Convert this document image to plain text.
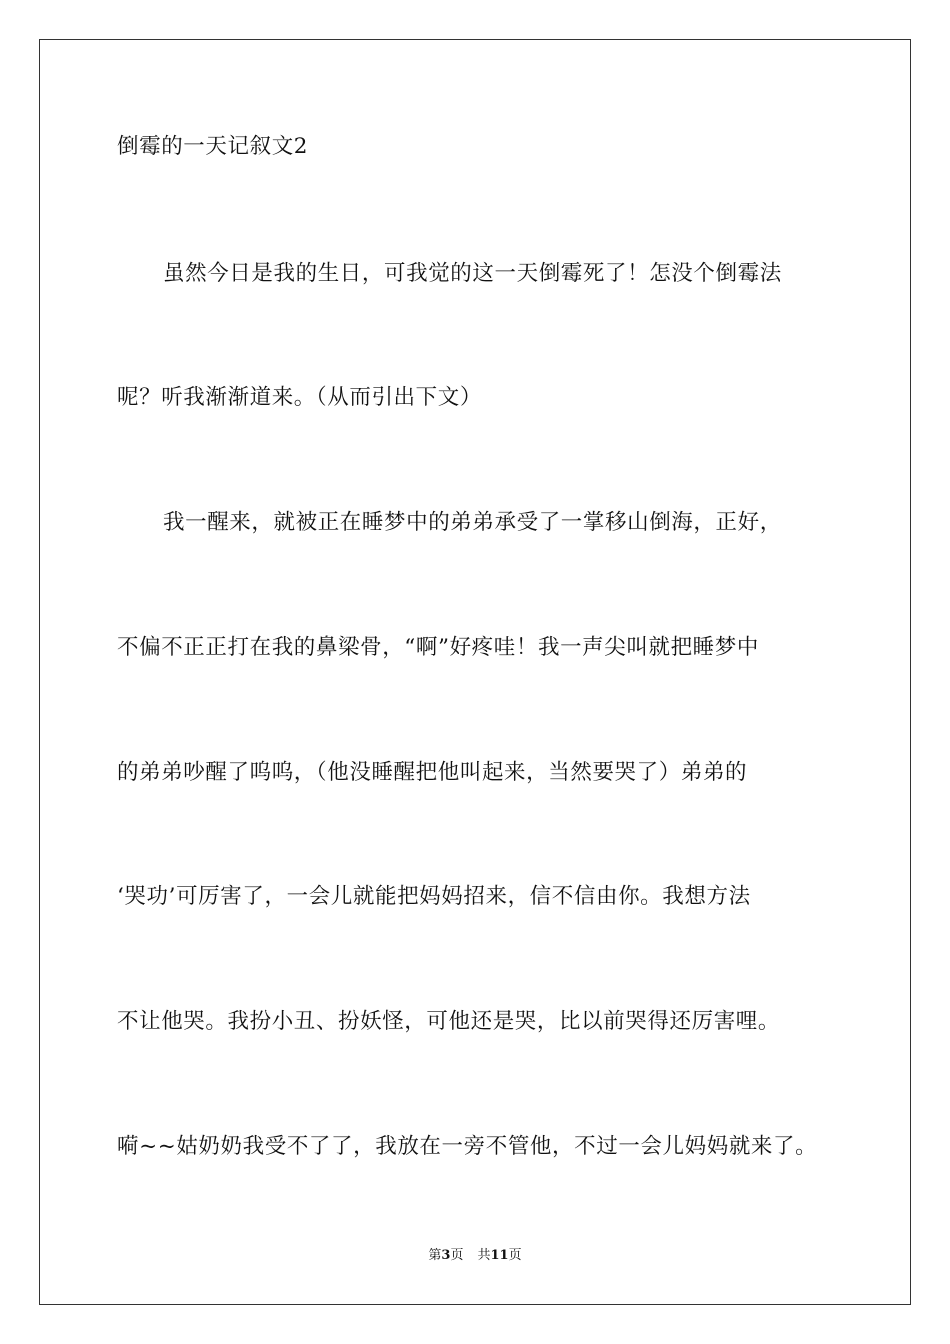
倒霉的一天记叙文2
虽然今日是我的生日，可我觉的这一天倒霉死了！怎没个倒霉法
呢？听我渐渐道来。（从而引出下文）
我一醒来，就被正在睡梦中的弟弟承受了一掌移山倒海，正好，
不偏不正正打在我的鼻梁骨，“啊”好疼哇！我一声尖叫就把睡梦中
的弟弟吵醒了呜呜，（他没睡醒把他叫起来，当然要哭了）弟弟的
‘哭功’可厉害了，一会儿就能把妈妈招来，信不信由你。我想方法
不让他哭。我扮小丑、扮妖怪，可他还是哭，比以前哭得还厉害哩。
嗬~~姑奶奶我受不了了，我放在一旁不管他，不过一会儿妈妈就来了。
第3页 共11页
